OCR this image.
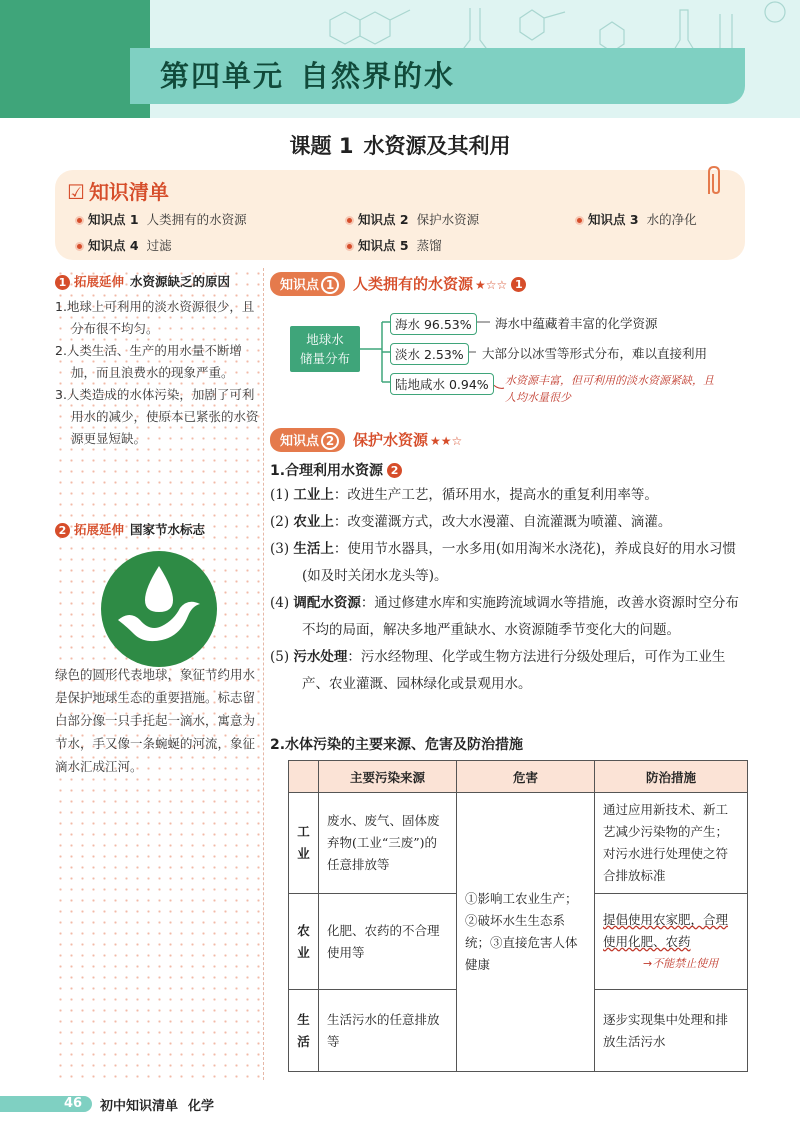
第四单元 自然界的水
课题 1 水资源及其利用
☑ 知识清单
知识点 1 人类拥有的水资源	知识点 2 保护水资源	知识点 3 水的净化
知识点 4 过滤	知识点 5 蒸馏
1 拓展延伸 水资源缺乏的原因
1.地球上可利用的淡水资源很少，且分布很不均匀。
2.人类生活、生产的用水量不断增加，而且浪费水的现象严重。
3.人类造成的水体污染，加剧了可利用水的减少，使原本已紧张的水资源更显短缺。
2 拓展延伸 国家节水标志
绿色的圆形代表地球，象征节约用水是保护地球生态的重要措施。标志留白部分像一只手托起一滴水，寓意为节水，手又像一条蜿蜒的河流，象征滴水汇成江河。
知识点 1 人类拥有的水资源 ★☆☆ 1
地球水
储量分布
海水 96.53%	海水中蕴藏着丰富的化学资源
淡水 2.53%	大部分以冰雪等形式分布，难以直接利用
陆地咸水 0.94%	水资源丰富，但可利用的淡水资源紧缺，且人均水量很少
知识点 2 保护水资源 ★★☆
1.合理利用水资源 2
(1) 工业上：改进生产工艺，循环用水，提高水的重复利用率等。
(2) 农业上：改变灌溉方式，改大水漫灌、自流灌溉为喷灌、滴灌。
(3) 生活上：使用节水器具，一水多用(如用淘米水浇花)，养成良好的用水习惯(如及时关闭水龙头等)。
(4) 调配水资源：通过修建水库和实施跨流域调水等措施，改善水资源时空分布不均的局面，解决多地严重缺水、水资源随季节变化大的问题。
(5) 污水处理：污水经物理、化学或生物方法进行分级处理后，可作为工业生产、农业灌溉、园林绿化或景观用水。
2.水体污染的主要来源、危害及防治措施
	主要污染来源	危害	防治措施
工业	废水、废气、固体废弃物(工业“三废”)的任意排放等	①影响工农业生产；②破坏水生生态系统；③直接危害人体健康	通过应用新技术、新工艺减少污染物的产生；对污水进行处理使之符合排放标准
农业	化肥、农药的不合理使用等		提倡使用农家肥，合理使用化肥、农药
→不能禁止使用

生活	生活污水的任意排放等		逐步实现集中处理和排放生活污水
46 初中知识清单 化学
